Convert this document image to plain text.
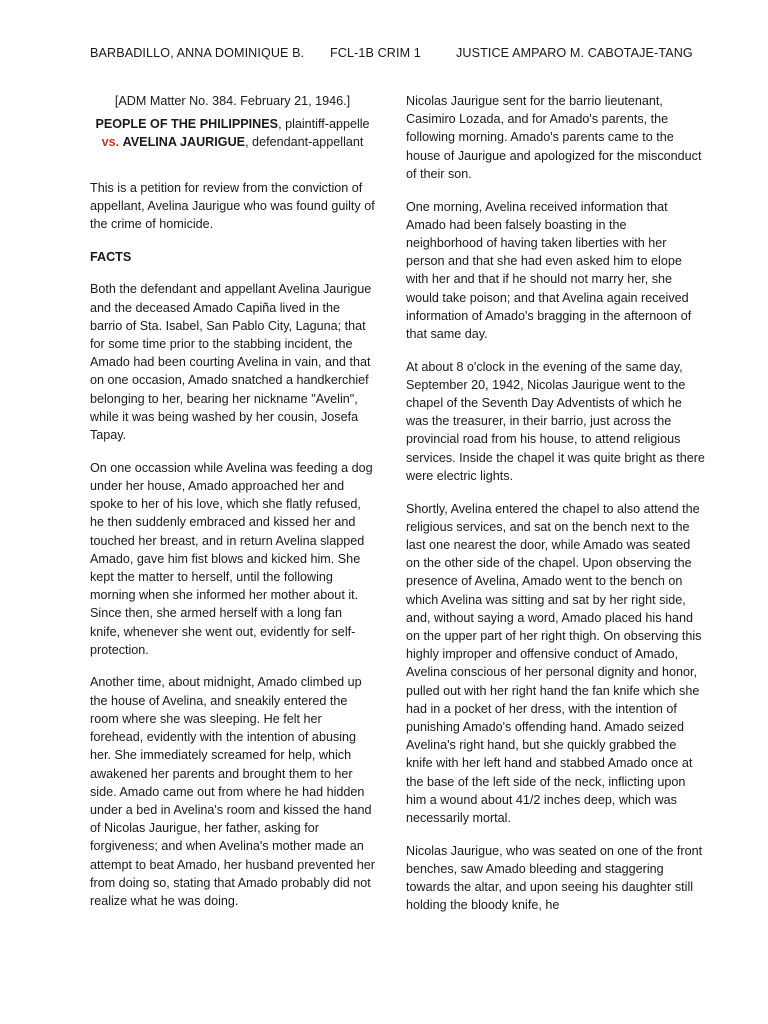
BARBADILLO, ANNA DOMINIQUE B. FCL-1B CRIM 1	JUSTICE AMPARO M. CABOTAJE-TANG

[ADM Matter No. 384. February 21, 1946.]

PEOPLE OF THE PHILIPPINES, plaintiff-appelle
vs. AVELINA JAURIGUE, defendant-appellant

This is a petition for review from the conviction of appellant, Avelina Jaurigue who was found guilty of the crime of homicide.

FACTS

Both the defendant and appellant Avelina Jaurigue and the deceased Amado Capiña lived in the barrio of Sta. Isabel, San Pablo City, Laguna; that for some time prior to the stabbing incident, the Amado had been courting Avelina in vain, and that on one occasion, Amado snatched a handkerchief belonging to her, bearing her nickname "Avelin", while it was being washed by her cousin, Josefa Tapay.

On one occassion while Avelina was feeding a dog under her house, Amado approached her and spoke to her of his love, which she flatly refused, he then suddenly embraced and kissed her and touched her breast, and in return Avelina slapped Amado, gave him fist blows and kicked him. She kept the matter to herself, until the following morning when she informed her mother about it. Since then, she armed herself with a long fan knife, whenever she went out, evidently for self-protection.

Another time, about midnight, Amado climbed up the house of Avelina, and sneakily entered the room where she was sleeping. He felt her forehead, evidently with the intention of abusing her. She immediately screamed for help, which awakened her parents and brought them to her side. Amado came out from where he had hidden under a bed in Avelina's room and kissed the hand of Nicolas Jaurigue, her father, asking for forgiveness; and when Avelina's mother made an attempt to beat Amado, her husband prevented her from doing so, stating that Amado probably did not realize what he was doing.

Nicolas Jaurigue sent for the barrio lieutenant, Casimiro Lozada, and for Amado's parents, the following morning. Amado's parents came to the house of Jaurigue and apologized for the misconduct of their son.

One morning, Avelina received information that Amado had been falsely boasting in the neighborhood of having taken liberties with her person and that she had even asked him to elope with her and that if he should not marry her, she would take poison; and that Avelina again received information of Amado's bragging in the afternoon of that same day.

At about 8 o'clock in the evening of the same day, September 20, 1942, Nicolas Jaurigue went to the chapel of the Seventh Day Adventists of which he was the treasurer, in their barrio, just across the provincial road from his house, to attend religious services. Inside the chapel it was quite bright as there were electric lights.

Shortly, Avelina entered the chapel to also attend the religious services, and sat on the bench next to the last one nearest the door, while Amado was seated on the other side of the chapel. Upon observing the presence of Avelina, Amado went to the bench on which Avelina was sitting and sat by her right side, and, without saying a word, Amado placed his hand on the upper part of her right thigh. On observing this highly improper and offensive conduct of Amado, Avelina conscious of her personal dignity and honor, pulled out with her right hand the fan knife which she had in a pocket of her dress, with the intention of punishing Amado's offending hand. Amado seized Avelina's right hand, but she quickly grabbed the knife with her left hand and stabbed Amado once at the base of the left side of the neck, inflicting upon him a wound about 41/2 inches deep, which was necessarily mortal.

Nicolas Jaurigue, who was seated on one of the front benches, saw Amado bleeding and staggering towards the altar, and upon seeing his daughter still holding the bloody knife, he
